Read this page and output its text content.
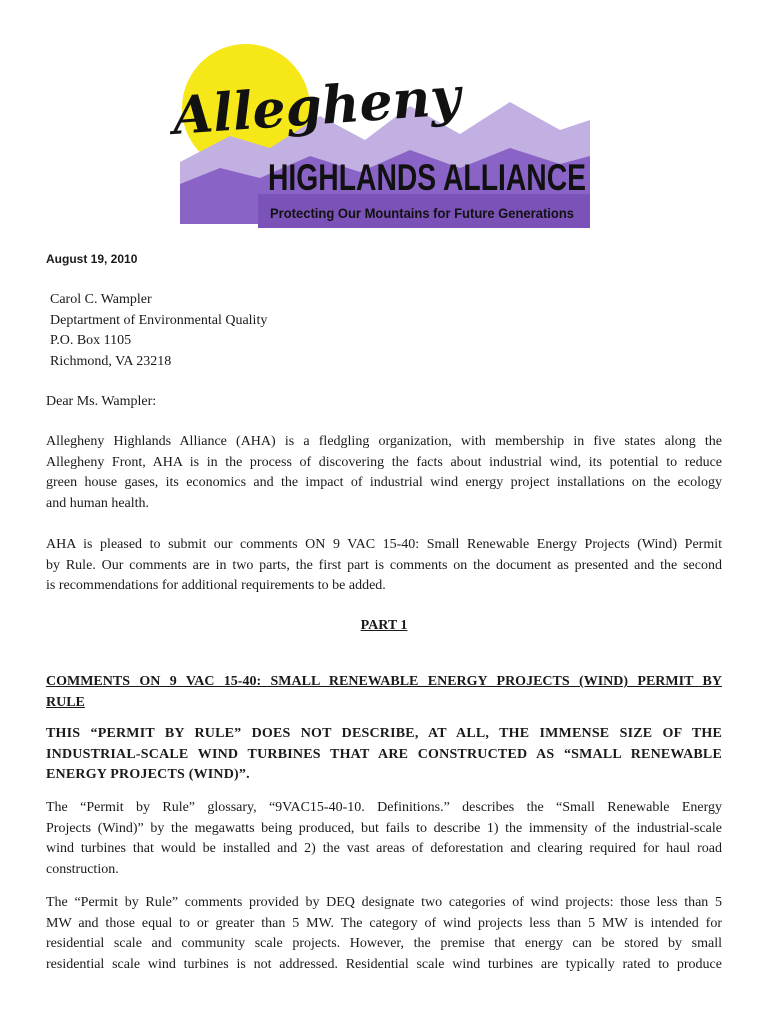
Allegheny
HIGHLANDS ALLIANCE
Protecting Our Mountains for Future Generations
August 19, 2010
Carol C. Wampler
Deptartment of Environmental Quality
P.O. Box 1105
Richmond, VA 23218
Dear Ms. Wampler:
Allegheny Highlands Alliance (AHA) is a fledgling organization, with membership in five states along the
Allegheny Front, AHA is in the process of discovering the facts about industrial wind, its potential to reduce
green house gases, its economics and the impact of industrial wind energy project installations on the ecology
and human health.
AHA is pleased to submit our comments ON 9 VAC 15-40: Small Renewable Energy Projects (Wind) Permit
by Rule. Our comments are in two parts, the first part is comments on the document as presented and the second
is recommendations for additional requirements to be added.
PART 1
COMMENTS ON 9 VAC 15-40: SMALL RENEWABLE ENERGY PROJECTS (WIND) PERMIT BY
RULE
THIS “PERMIT BY RULE” DOES NOT DESCRIBE, AT ALL, THE IMMENSE SIZE OF THE
INDUSTRIAL-SCALE WIND TURBINES THAT ARE CONSTRUCTED AS “SMALL RENEWABLE
ENERGY PROJECTS (WIND)”.
The “Permit by Rule” glossary, “9VAC15-40-10. Definitions.” describes the “Small Renewable Energy
Projects (Wind)” by the megawatts being produced, but fails to describe 1) the immensity of the industrial-scale
wind turbines that would be installed and 2) the vast areas of deforestation and clearing required for haul road
construction.
The “Permit by Rule” comments provided by DEQ designate two categories of wind projects: those less than 5
MW and those equal to or greater than 5 MW. The category of wind projects less than 5 MW is intended for
residential scale and community scale projects. However, the premise that energy can be stored by small
residential scale wind turbines is not addressed. Residential scale wind turbines are typically rated to produce
